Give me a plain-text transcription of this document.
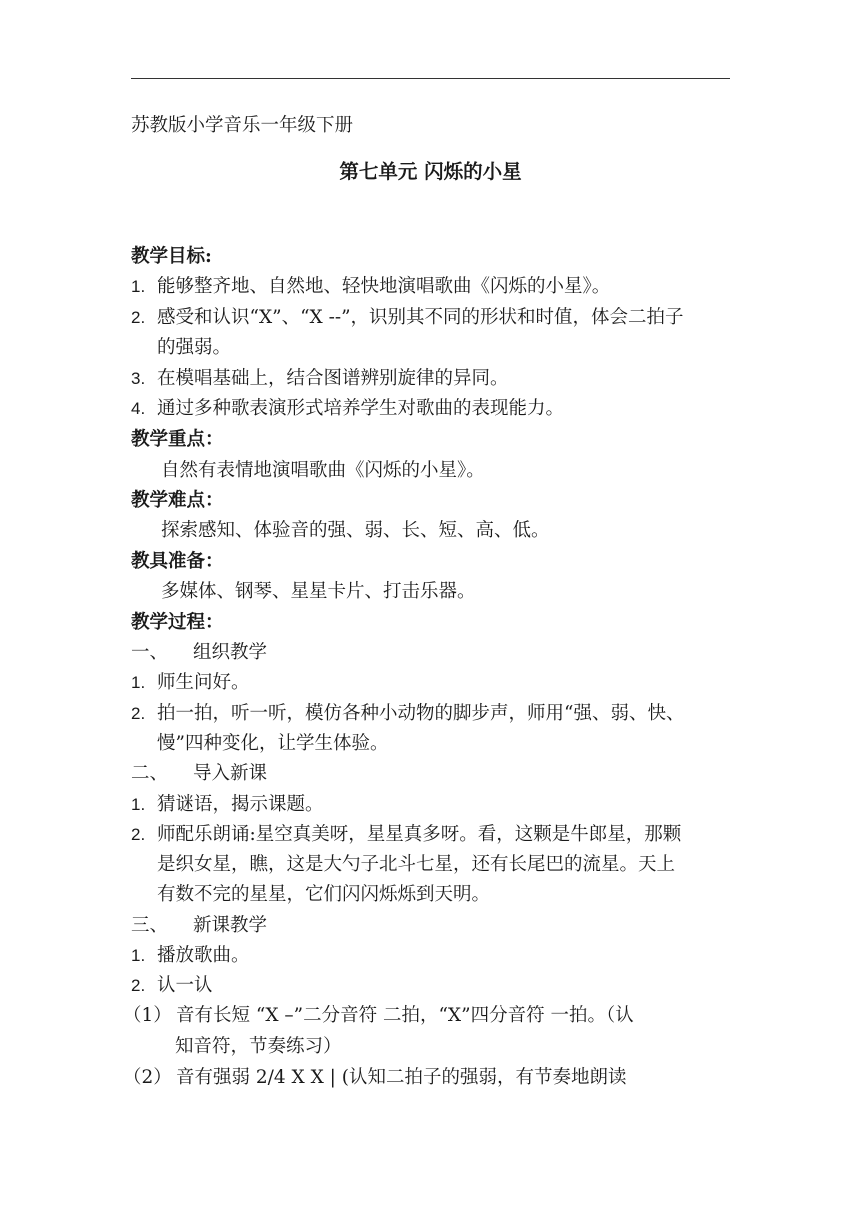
苏教版小学音乐一年级下册
第七单元 闪烁的小星
教学目标:
1. 能够整齐地、自然地、轻快地演唱歌曲《闪烁的小星》。
2. 感受和认识“X”、“X --”，识别其不同的形状和时值，体会二拍子
的强弱。
3. 在模唱基础上，结合图谱辨别旋律的异同。
4. 通过多种歌表演形式培养学生对歌曲的表现能力。
教学重点：
自然有表情地演唱歌曲《闪烁的小星》。
教学难点：
探索感知、体验音的强、弱、长、短、高、低。
教具准备：
多媒体、钢琴、星星卡片、打击乐器。
教学过程：
一、 组织教学
1. 师生问好。
2. 拍一拍，听一听，模仿各种小动物的脚步声，师用“强、弱、快、
慢”四种变化，让学生体验。
二、 导入新课
1. 猜谜语，揭示课题。
2. 师配乐朗诵:星空真美呀，星星真多呀。看，这颗是牛郎星，那颗
是织女星，瞧，这是大勺子北斗七星，还有长尾巴的流星。天上
有数不完的星星，它们闪闪烁烁到天明。
三、 新课教学
1. 播放歌曲。
2. 认一认
（1） 音有长短 “X –”二分音符 二拍，“X”四分音符 一拍。（认
知音符，节奏练习）
（2） 音有强弱 2/4 X X | (认知二拍子的强弱，有节奏地朗读
